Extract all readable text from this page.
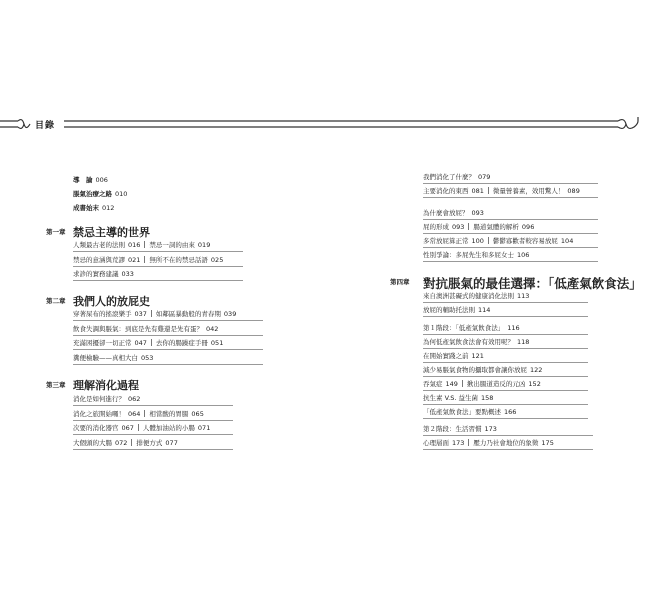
目錄
導　論 006
脹氣治療之路 010
成書始末 012
第一章 禁忌主導的世界
人類最古老的法則 016 禁忌一詞的由來 019
禁忌的意涵與荒謬 021 無所不在的禁忌話語 025
求診的實務建議 033
第二章 我們人的放屁史
穿著屎布的搖滾樂手 037 如鄰區暴動般的青春期 039
飲食失調與脹氣：到底是先有雞還是先有蛋？ 042
充滿困擾卻一切正常 047 去你的腸躁症手冊 051
糞便檢驗——真相大白 053
第三章 理解消化過程
消化是如何進行？ 062
消化之旅開始囉！ 064 相當酸的胃腸 065
次要的消化器官 067 人體加油站的小腸 071
大個頭的大腸 072 排便方式 077
我們消化了什麼？ 079
主要消化的東西 081 微量營養素，效用驚人！ 089
為什麼會放屁？ 093
屁的形成 093 腸道氣體的解析 096
多常放屁算正常 100 鬱鬱寡歡者較容易放屁 104
性別爭論：多屁先生和多屁女士 106
第四章 對抗脹氣的最佳選擇：「低產氣飲食法」
來自澳洲甚礙式的健康消化法則 113
放屁的輔助托法則 114
第１階段：「低產氣飲食法」 116
為何低產氣飲食法會有效用呢？ 118
在開始實踐之前 121
減少易脹氣食物的攝取都會讓你放屁 122
吞氣症 149 揪出腸道造反的元凶 152
抗生素 V.S. 益生菌 158
「低產氣飲食法」要點概述 166
第２階段：生活習慣 173
心理層面 173 壓力乃社會地位的象徵 175
